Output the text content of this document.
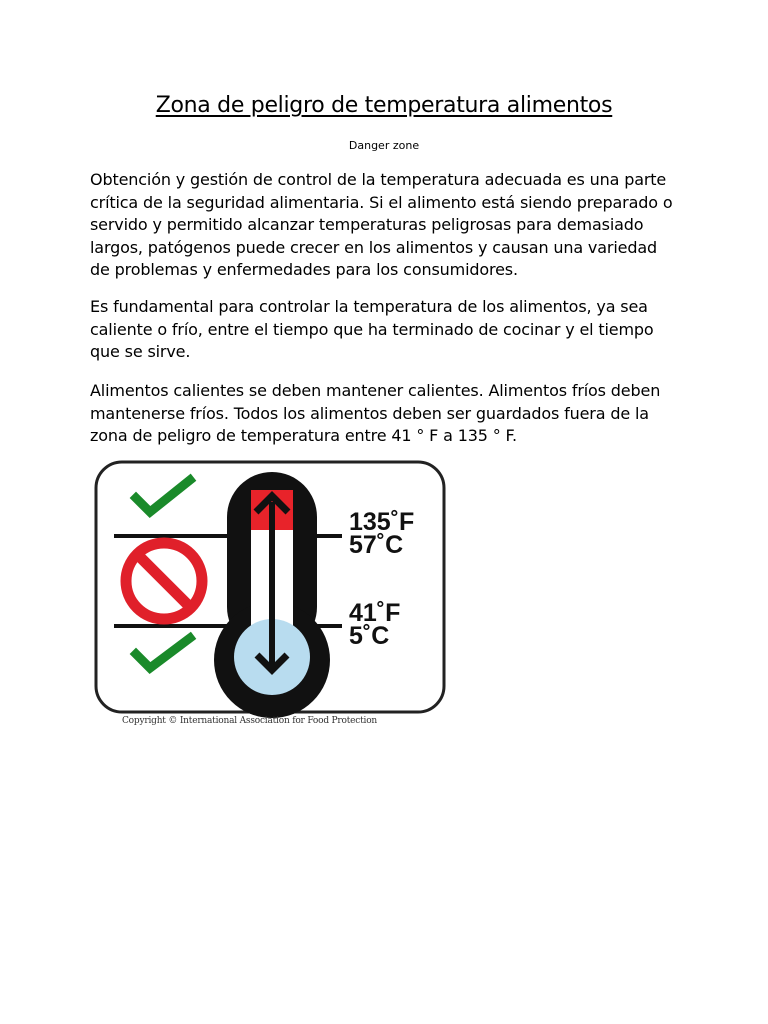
Zona de peligro de temperatura alimentos

Danger zone

Obtención y gestión de control de la temperatura adecuada es una parte crítica de la seguridad alimentaria. Si el alimento está siendo preparado o servido y permitido alcanzar temperaturas peligrosas para demasiado largos, patógenos puede crecer en los alimentos y causan una variedad de problemas y enfermedades para los consumidores.

Es fundamental para controlar la temperatura de los alimentos, ya sea caliente o frío, entre el tiempo que ha terminado de cocinar y el tiempo que se sirve.

Alimentos calientes se deben mantener calientes. Alimentos fríos deben mantenerse fríos. Todos los alimentos deben ser guardados fuera de la zona de peligro de temperatura entre 41 ° F a 135 ° F.

135˚F
57˚C
41˚F
5˚C
Copyright © International Association for Food Protection
